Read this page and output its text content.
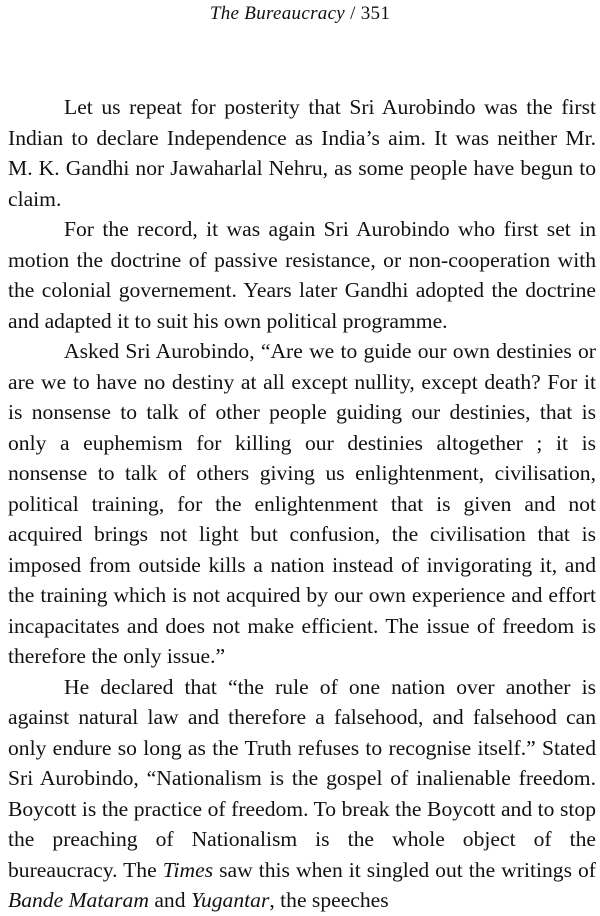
The Bureaucracy / 351

Let us repeat for posterity that Sri Aurobindo was the first Indian to declare Independence as India’s aim. It was neither Mr. M. K. Gandhi nor Jawaharlal Nehru, as some people have begun to claim.

For the record, it was again Sri Aurobindo who first set in motion the doctrine of passive resistance, or non-cooperation with the colonial governement. Years later Gandhi adopted the doctrine and adapted it to suit his own political programme.

Asked Sri Aurobindo, “Are we to guide our own destinies or are we to have no destiny at all except nullity, except death? For it is nonsense to talk of other people guiding our destinies, that is only a euphemism for killing our destinies altogether ; it is nonsense to talk of others giving us enlightenment, civilisation, political training, for the enlightenment that is given and not acquired brings not light but confusion, the civilisation that is imposed from outside kills a nation instead of invigorating it, and the training which is not acquired by our own experience and effort incapacitates and does not make efficient. The issue of freedom is therefore the only issue.”

He declared that “the rule of one nation over another is against natural law and therefore a falsehood, and falsehood can only endure so long as the Truth refuses to recognise itself.” Stated Sri Aurobindo, “Nationalism is the gospel of inalienable freedom. Boycott is the practice of freedom. To break the Boycott and to stop the preaching of Nationalism is the whole object of the bureaucracy. The Times saw this when it singled out the writings of Bande Mataram and Yugantar, the speeches
